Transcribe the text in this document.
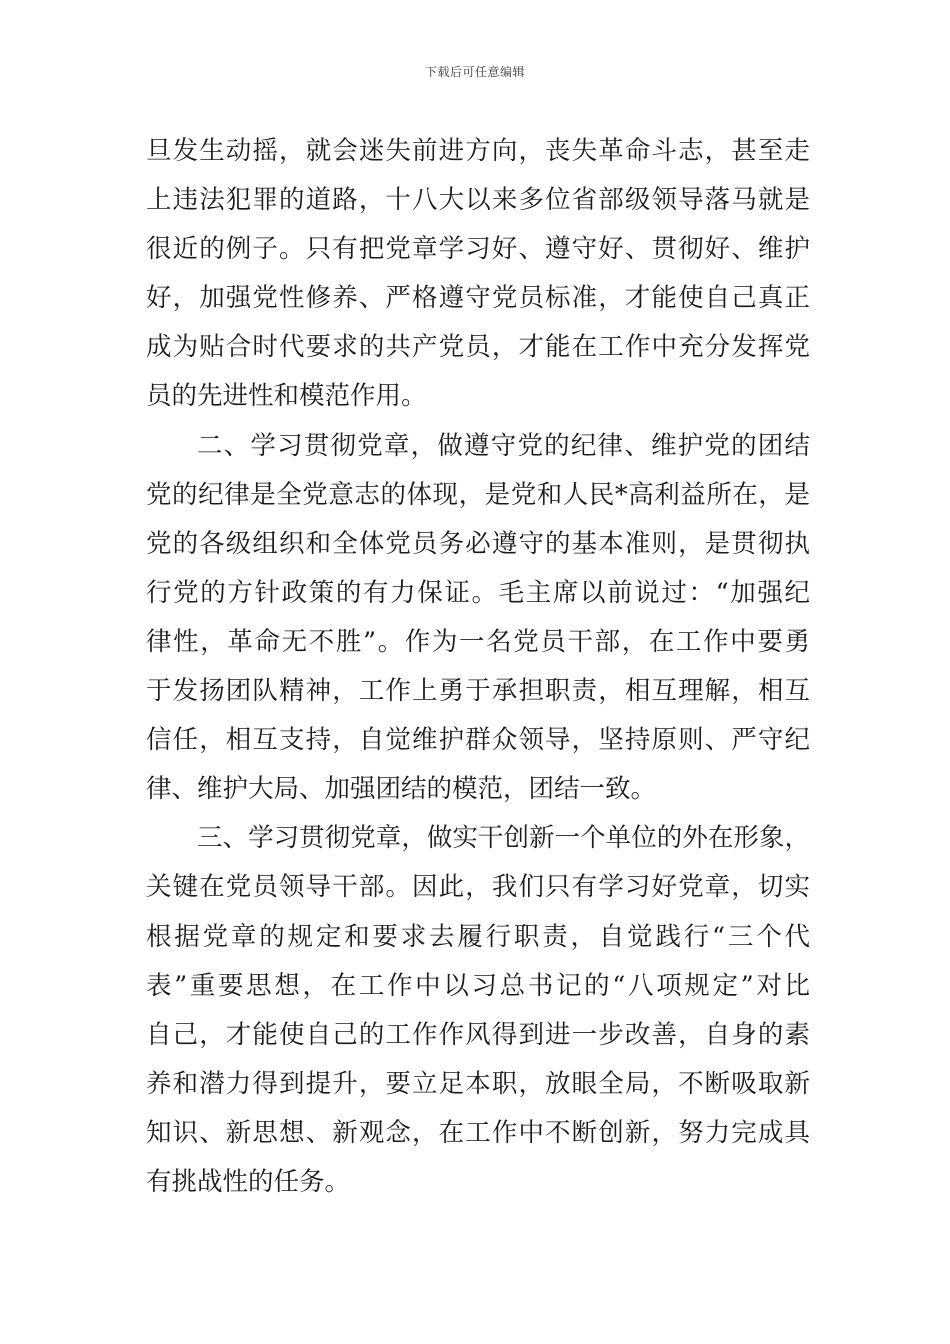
下载后可任意编辑
旦发生动摇，就会迷失前进方向，丧失革命斗志，甚至走
上违法犯罪的道路，十八大以来多位省部级领导落马就是
很近的例子。只有把党章学习好、遵守好、贯彻好、维护
好，加强党性修养、严格遵守党员标准，才能使自己真正
成为贴合时代要求的共产党员，才能在工作中充分发挥党
员的先进性和模范作用。
二、学习贯彻党章，做遵守党的纪律、维护党的团结
党的纪律是全党意志的体现，是党和人民*高利益所在，是
党的各级组织和全体党员务必遵守的基本准则，是贯彻执
行党的方针政策的有力保证。毛主席以前说过：“加强纪
律性，革命无不胜”。作为一名党员干部，在工作中要勇
于发扬团队精神，工作上勇于承担职责，相互理解，相互
信任，相互支持，自觉维护群众领导，坚持原则、严守纪
律、维护大局、加强团结的模范，团结一致。
三、学习贯彻党章，做实干创新一个单位的外在形象，
关键在党员领导干部。因此，我们只有学习好党章，切实
根据党章的规定和要求去履行职责，自觉践行“三个代
表”重要思想，在工作中以习总书记的“八项规定”对比
自己，才能使自己的工作作风得到进一步改善，自身的素
养和潜力得到提升，要立足本职，放眼全局，不断吸取新
知识、新思想、新观念，在工作中不断创新，努力完成具
有挑战性的任务。
